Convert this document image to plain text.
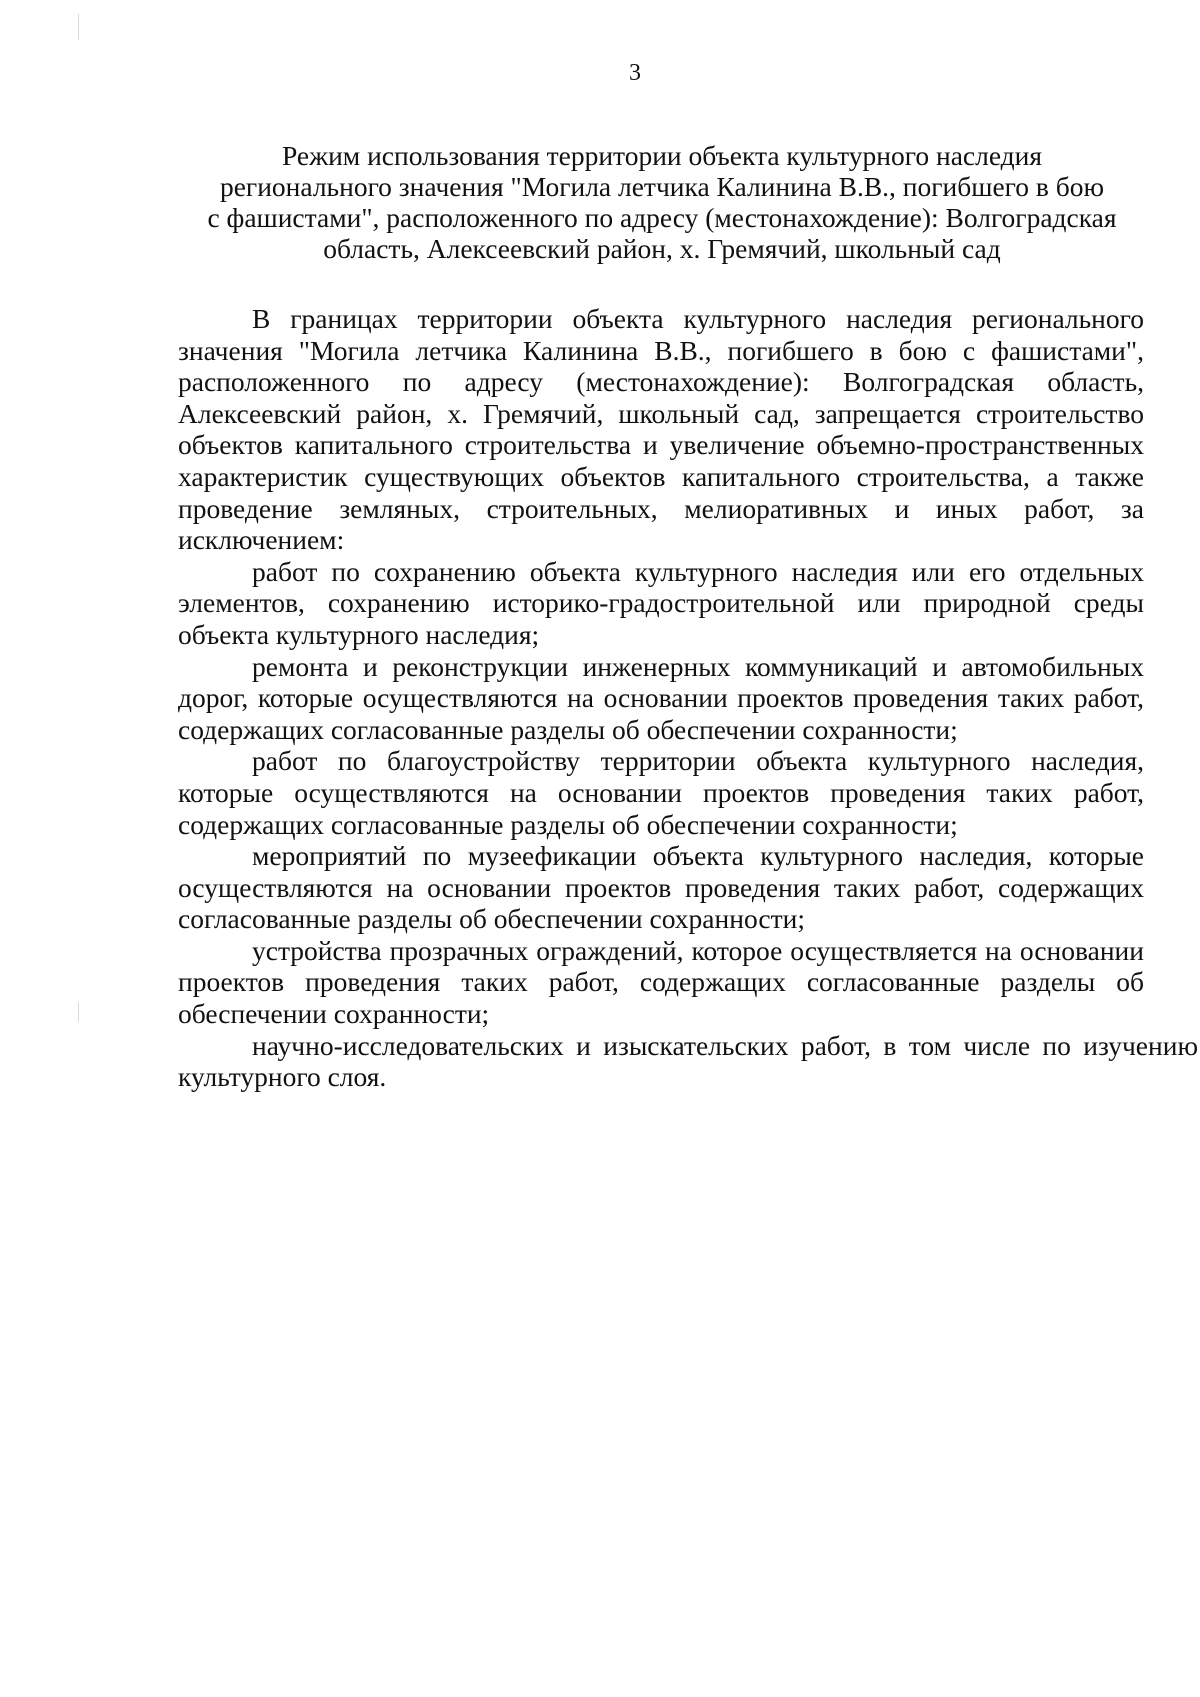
3
Режим использования территории объекта культурного наследия
регионального значения "Могила летчика Калинина В.В., погибшего в бою
с фашистами", расположенного по адресу (местонахождение): Волгоградская
область, Алексеевский район, х. Гремячий, школьный сад

В границах территории объекта культурного наследия регионального значения "Могила летчика Калинина В.В., погибшего в бою с фашистами", расположенного по адресу (местонахождение): Волгоградская область, Алексеевский район, х. Гремячий, школьный сад, запрещается строительство объектов капитального строительства и увеличение объемно-пространственных характеристик существующих объектов капитального строительства, а также проведение земляных, строительных, мелиоративных и иных работ, за исключением:

работ по сохранению объекта культурного наследия или его отдельных элементов, сохранению историко-градостроительной или природной среды объекта культурного наследия;

ремонта и реконструкции инженерных коммуникаций и автомобильных дорог, которые осуществляются на основании проектов проведения таких работ, содержащих согласованные разделы об обеспечении сохранности;

работ по благоустройству территории объекта культурного наследия, которые осуществляются на основании проектов проведения таких работ, содержащих согласованные разделы об обеспечении сохранности;

мероприятий по музеефикации объекта культурного наследия, которые осуществляются на основании проектов проведения таких работ, содержащих согласованные разделы об обеспечении сохранности;

устройства прозрачных ограждений, которое осуществляется на основании проектов проведения таких работ, содержащих согласованные разделы об обеспечении сохранности;

научно-исследовательских и изыскательских работ, в том числе по изучению культурного слоя.
